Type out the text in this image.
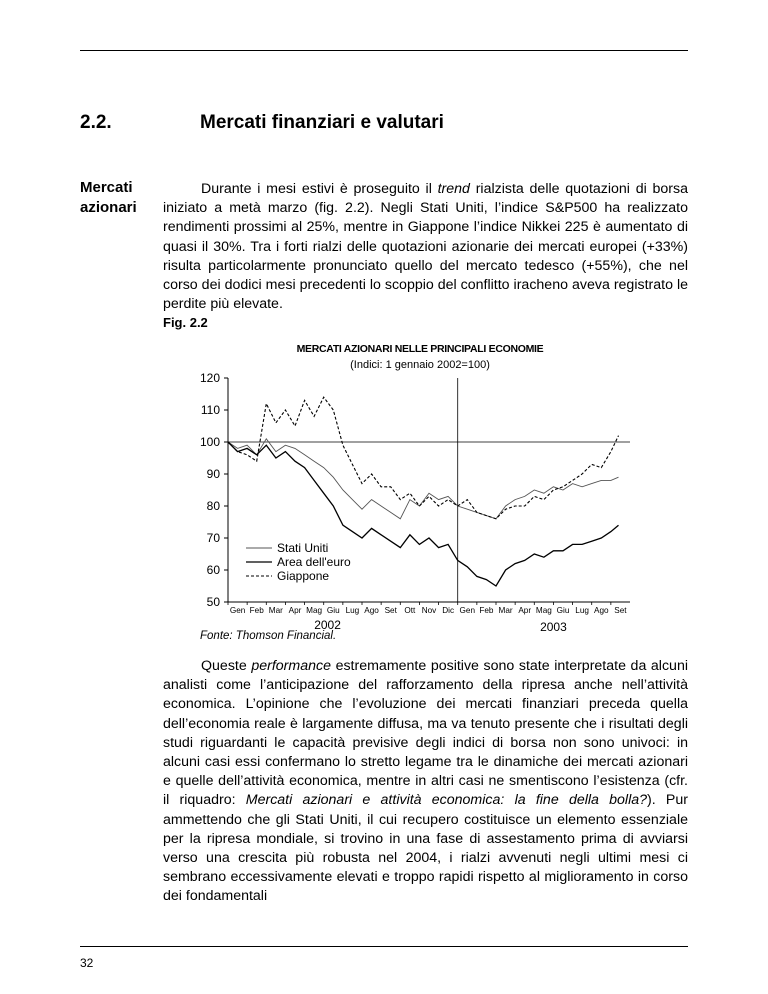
2.2.	Mercati finanziari e valutari
Mercati azionari

Durante i mesi estivi è proseguito il trend rialzista delle quotazioni di borsa iniziato a metà marzo (fig. 2.2). Negli Stati Uniti, l’indice S&P500 ha realizzato rendimenti prossimi al 25%, mentre in Giappone l’indice Nikkei 225 è aumentato di quasi il 30%. Tra i forti rialzi delle quotazioni azionarie dei mercati europei (+33%) risulta particolarmente pronunciato quello del mercato tedesco (+55%), che nel corso dei dodici mesi precedenti lo scoppio del conflitto iracheno aveva registrato le perdite più elevate.

Fig. 2.2
MERCATI AZIONARI NELLE PRINCIPALI ECONOMIE
(Indici: 1 gennaio 2002=100)
50
60
70
80
90
100
110
120
Gen Feb Mar Apr Mag Giu Lug Ago Set Ott Nov Dic Gen Feb Mar Apr Mag Giu Lug Ago Set
2002	2003
Stati Uniti
Area dell'euro
Giappone
Fonte: Thomson Financial.

Queste performance estremamente positive sono state interpretate da alcuni analisti come l’anticipazione del rafforzamento della ripresa anche nell’attività economica. L’opinione che l’evoluzione dei mercati finanziari preceda quella dell’economia reale è largamente diffusa, ma va tenuto presente che i risultati degli studi riguardanti le capacità previsive degli indici di borsa non sono univoci: in alcuni casi essi confermano lo stretto legame tra le dinamiche dei mercati azionari e quelle dell’attività economica, mentre in altri casi ne smentiscono l’esistenza (cfr. il riquadro: Mercati azionari e attività economica: la fine della bolla?). Pur ammettendo che gli Stati Uniti, il cui recupero costituisce un elemento essenziale per la ripresa mondiale, si trovino in una fase di assestamento prima di avviarsi verso una crescita più robusta nel 2004, i rialzi avvenuti negli ultimi mesi ci sembrano eccessivamente elevati e troppo rapidi rispetto al miglioramento in corso dei fondamentali

32
